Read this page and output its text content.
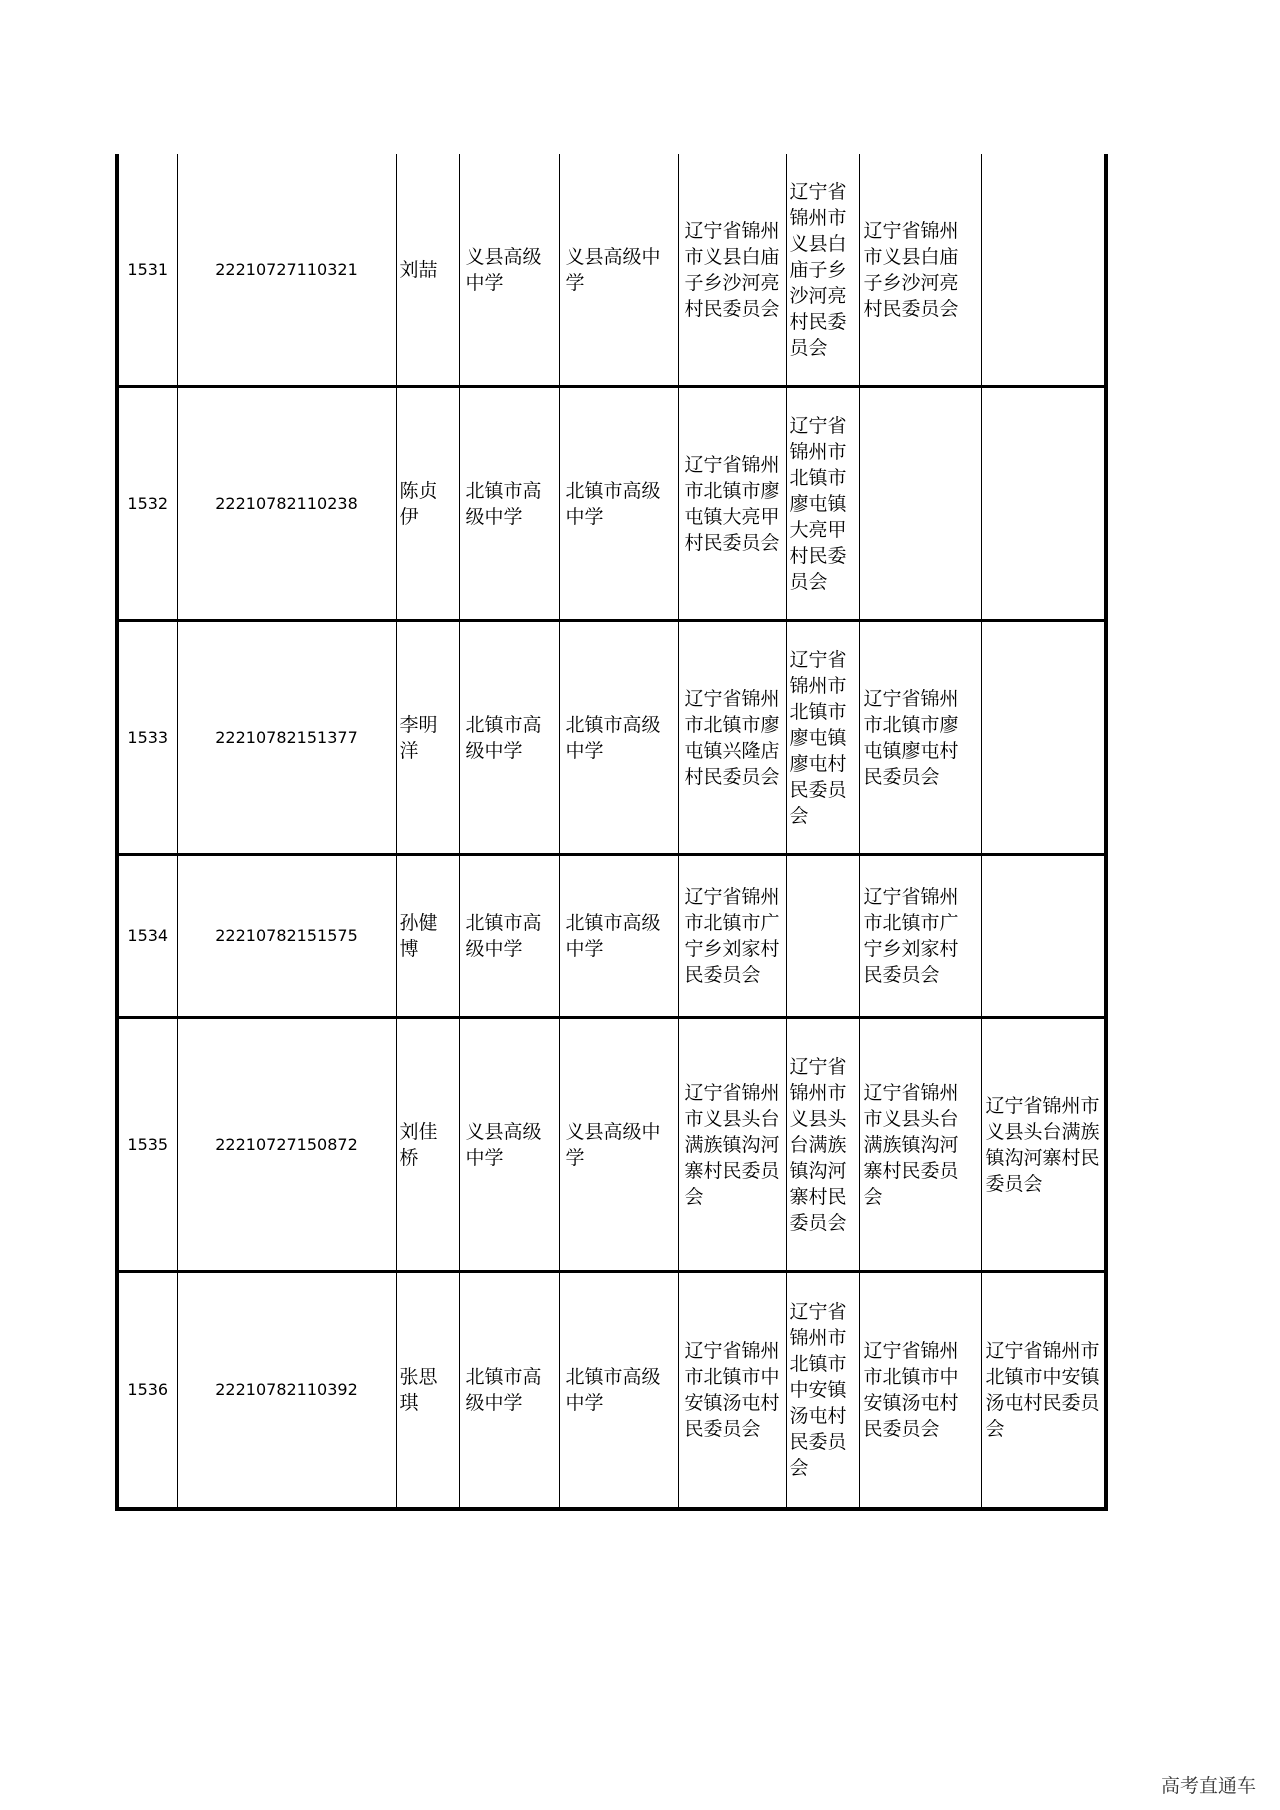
1531	22210727110321	刘喆	义县高级中学	义县高级中学	辽宁省锦州市义县白庙子乡沙河亮村民委员会	辽宁省锦州市义县白庙子乡沙河亮村民委员会	辽宁省锦州市义县白庙子乡沙河亮村民委员会	
1532	22210782110238	陈贞伊	北镇市高级中学	北镇市高级中学	辽宁省锦州市北镇市廖屯镇大亮甲村民委员会	辽宁省锦州市北镇市廖屯镇大亮甲村民委员会		
1533	22210782151377	李明洋	北镇市高级中学	北镇市高级中学	辽宁省锦州市北镇市廖屯镇兴隆店村民委员会	辽宁省锦州市北镇市廖屯镇廖屯村民委员会	辽宁省锦州市北镇市廖屯镇廖屯村民委员会	
1534	22210782151575	孙健博	北镇市高级中学	北镇市高级中学	辽宁省锦州市北镇市广宁乡刘家村民委员会		辽宁省锦州市北镇市广宁乡刘家村民委员会	
1535	22210727150872	刘佳桥	义县高级中学	义县高级中学	辽宁省锦州市义县头台满族镇沟河寨村民委员会	辽宁省锦州市义县头台满族镇沟河寨村民委员会	辽宁省锦州市义县头台满族镇沟河寨村民委员会	辽宁省锦州市义县头台满族镇沟河寨村民委员会
1536	22210782110392	张思琪	北镇市高级中学	北镇市高级中学	辽宁省锦州市北镇市中安镇汤屯村民委员会	辽宁省锦州市北镇市中安镇汤屯村民委员会	辽宁省锦州市北镇市中安镇汤屯村民委员会	辽宁省锦州市北镇市中安镇汤屯村民委员会
高考直通车
